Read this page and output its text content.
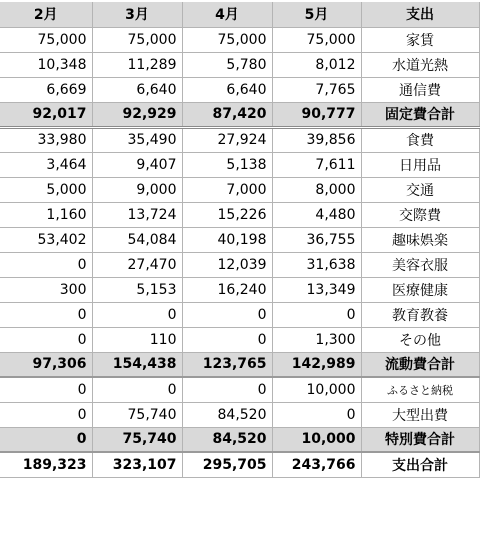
2月	3月	4月	5月	支出
75,000	75,000	75,000	75,000	家賃
10,348	11,289	5,780	8,012	水道光熱
6,669	6,640	6,640	7,765	通信費
92,017	92,929	87,420	90,777	固定費合計
33,980	35,490	27,924	39,856	食費
3,464	9,407	5,138	7,611	日用品
5,000	9,000	7,000	8,000	交通
1,160	13,724	15,226	4,480	交際費
53,402	54,084	40,198	36,755	趣味娯楽
0	27,470	12,039	31,638	美容衣服
300	5,153	16,240	13,349	医療健康
0	0	0	0	教育教養
0	110	0	1,300	その他
97,306	154,438	123,765	142,989	流動費合計
0	0	0	10,000	ふるさと納税
0	75,740	84,520	0	大型出費
0	75,740	84,520	10,000	特別費合計
189,323	323,107	295,705	243,766	支出合計
